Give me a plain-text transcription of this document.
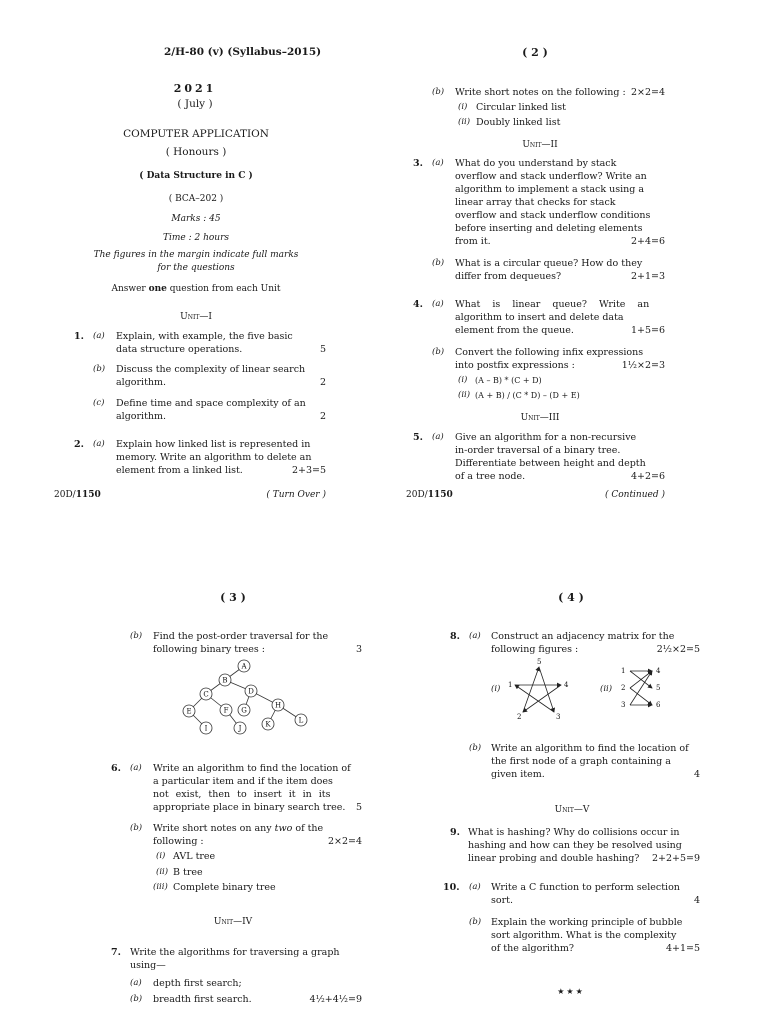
2/H-80 (v) (Syllabus–2015)
2021
( July )
COMPUTER APPLICATION
( Honours )
( Data Structure in C )
( BCA–202 )
Marks : 45
Time : 2 hours
The figures in the margin indicate full marks
for the questions
Answer one question from each Unit
Unit—I
1. (a) Explain, with example, the five basic
data structure operations.	5
(b) Discuss the complexity of linear search
algorithm.	2
(c) Define time and space complexity of an
algorithm.	2
2. (a) Explain how linked list is represented in
memory. Write an algorithm to delete an
element from a linked list.	2+3=5
20D/1150	( Turn Over )
( 2 )
(b) Write short notes on the following : 2×2=4
(i) Circular linked list
(ii) Doubly linked list
Unit—II
3. (a) What do you understand by stack
overflow and stack underflow? Write an
algorithm to implement a stack using a
linear array that checks for stack
overflow and stack underflow conditions
before inserting and deleting elements
from it.	2+4=6
(b) What is a circular queue? How do they
differ from dequeues?	2+1=3
4. (a) What is linear queue? Write an
algorithm to insert and delete data
element from the queue.	1+5=6
(b) Convert the following infix expressions
into postfix expressions :	1½×2=3
(i) (A – B) * (C + D)
(ii) (A + B) / (C * D) – (D + E)
Unit—III
5. (a) Give an algorithm for a non-recursive
in-order traversal of a binary tree.
Differentiate between height and depth
of a tree node.	4+2=6
20D/1150	( Continued )
( 3 )
(b) Find the post-order traversal for the
following binary trees :	3
A
B
C	D
E	F G
H
I	J	K	L
6. (a) Write an algorithm to find the location of
a particular item and if the item does
not exist, then to insert it in its
appropriate place in binary search tree.	5
(b) Write short notes on any two of the
following :	2×2=4
(i) AVL tree
(ii) B tree
(iii) Complete binary tree
Unit—IV
7. Write the algorithms for traversing a graph
using—
(a) depth first search;
(b) breadth first search.	4½+4½=9
( 4 )
8. (a) Construct an adjacency matrix for the
following figures :	2½×2=5
(i) 1
2	3
4
5
(ii)
1
2
3
4
5
6
(b) Write an algorithm to find the location of
the first node of a graph containing a
given item.	4
Unit—V
9. What is hashing? Why do collisions occur in
hashing and how can they be resolved using
linear probing and double hashing?	2+2+5=9
10. (a) Write a C function to perform selection
sort.	4
(b) Explain the working principle of bubble
sort algorithm. What is the complexity
of the algorithm?	4+1=5
★★★
